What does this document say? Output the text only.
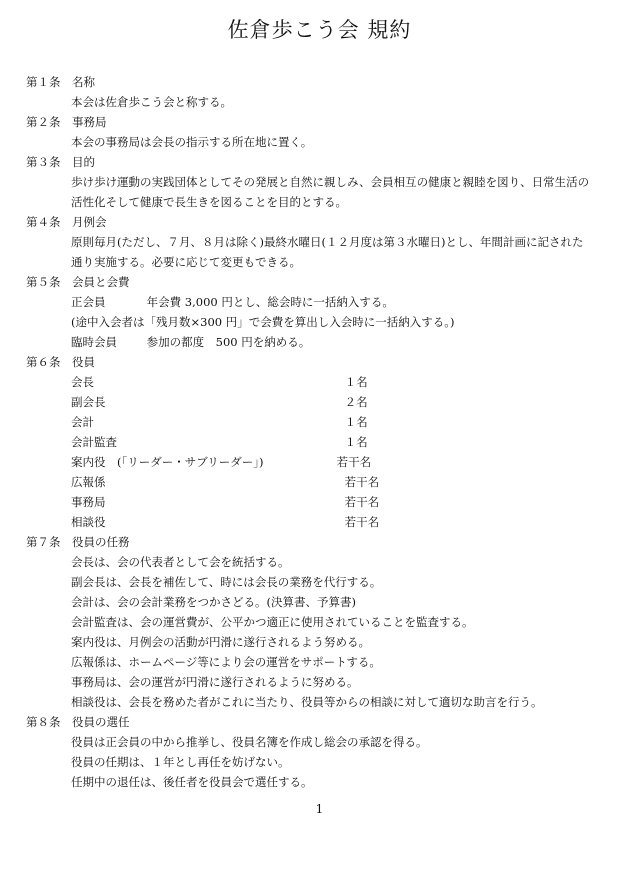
佐倉歩こう会 規約
第１条	名称
本会は佐倉歩こう会と称する。
第２条	事務局
本会の事務局は会長の指示する所在地に置く。
第３条	目的
歩け歩け運動の実践団体としてその発展と自然に親しみ、会員相互の健康と親睦を図り、日常生活の
活性化そして健康で長生きを図ることを目的とする。
第４条	月例会
原則毎月(ただし、７月、８月は除く)最終水曜日(１２月度は第３水曜日)とし、年間計画に記された
通り実施する。必要に応じて変更もできる。
第５条	会員と会費
正会員	年会費 3,000 円とし、総会時に一括納入する。
(途中入会者は「残月数×300 円」で会費を算出し入会時に一括納入する。)
臨時会員	参加の都度　500 円を納める。
第６条	役員
会長	１名
副会長	２名
会計	１名
会計監査	１名
案内役　(「リーダー・サブリーダー」)	若干名
広報係	若干名
事務局	若干名
相談役	若干名
第７条	役員の任務
会長は、会の代表者として会を統括する。
副会長は、会長を補佐して、時には会長の業務を代行する。
会計は、会の会計業務をつかさどる。(決算書、予算書)
会計監査は、会の運営費が、公平かつ適正に使用されていることを監査する。
案内役は、月例会の活動が円滑に遂行されるよう努める。
広報係は、ホームページ等により会の運営をサポートする。
事務局は、会の運営が円滑に遂行されるように努める。
相談役は、会長を務めた者がこれに当たり、役員等からの相談に対して適切な助言を行う。
第８条	役員の選任
役員は正会員の中から推挙し、役員名簿を作成し総会の承認を得る。
役員の任期は、１年とし再任を妨げない。
任期中の退任は、後任者を役員会で選任する。
1
